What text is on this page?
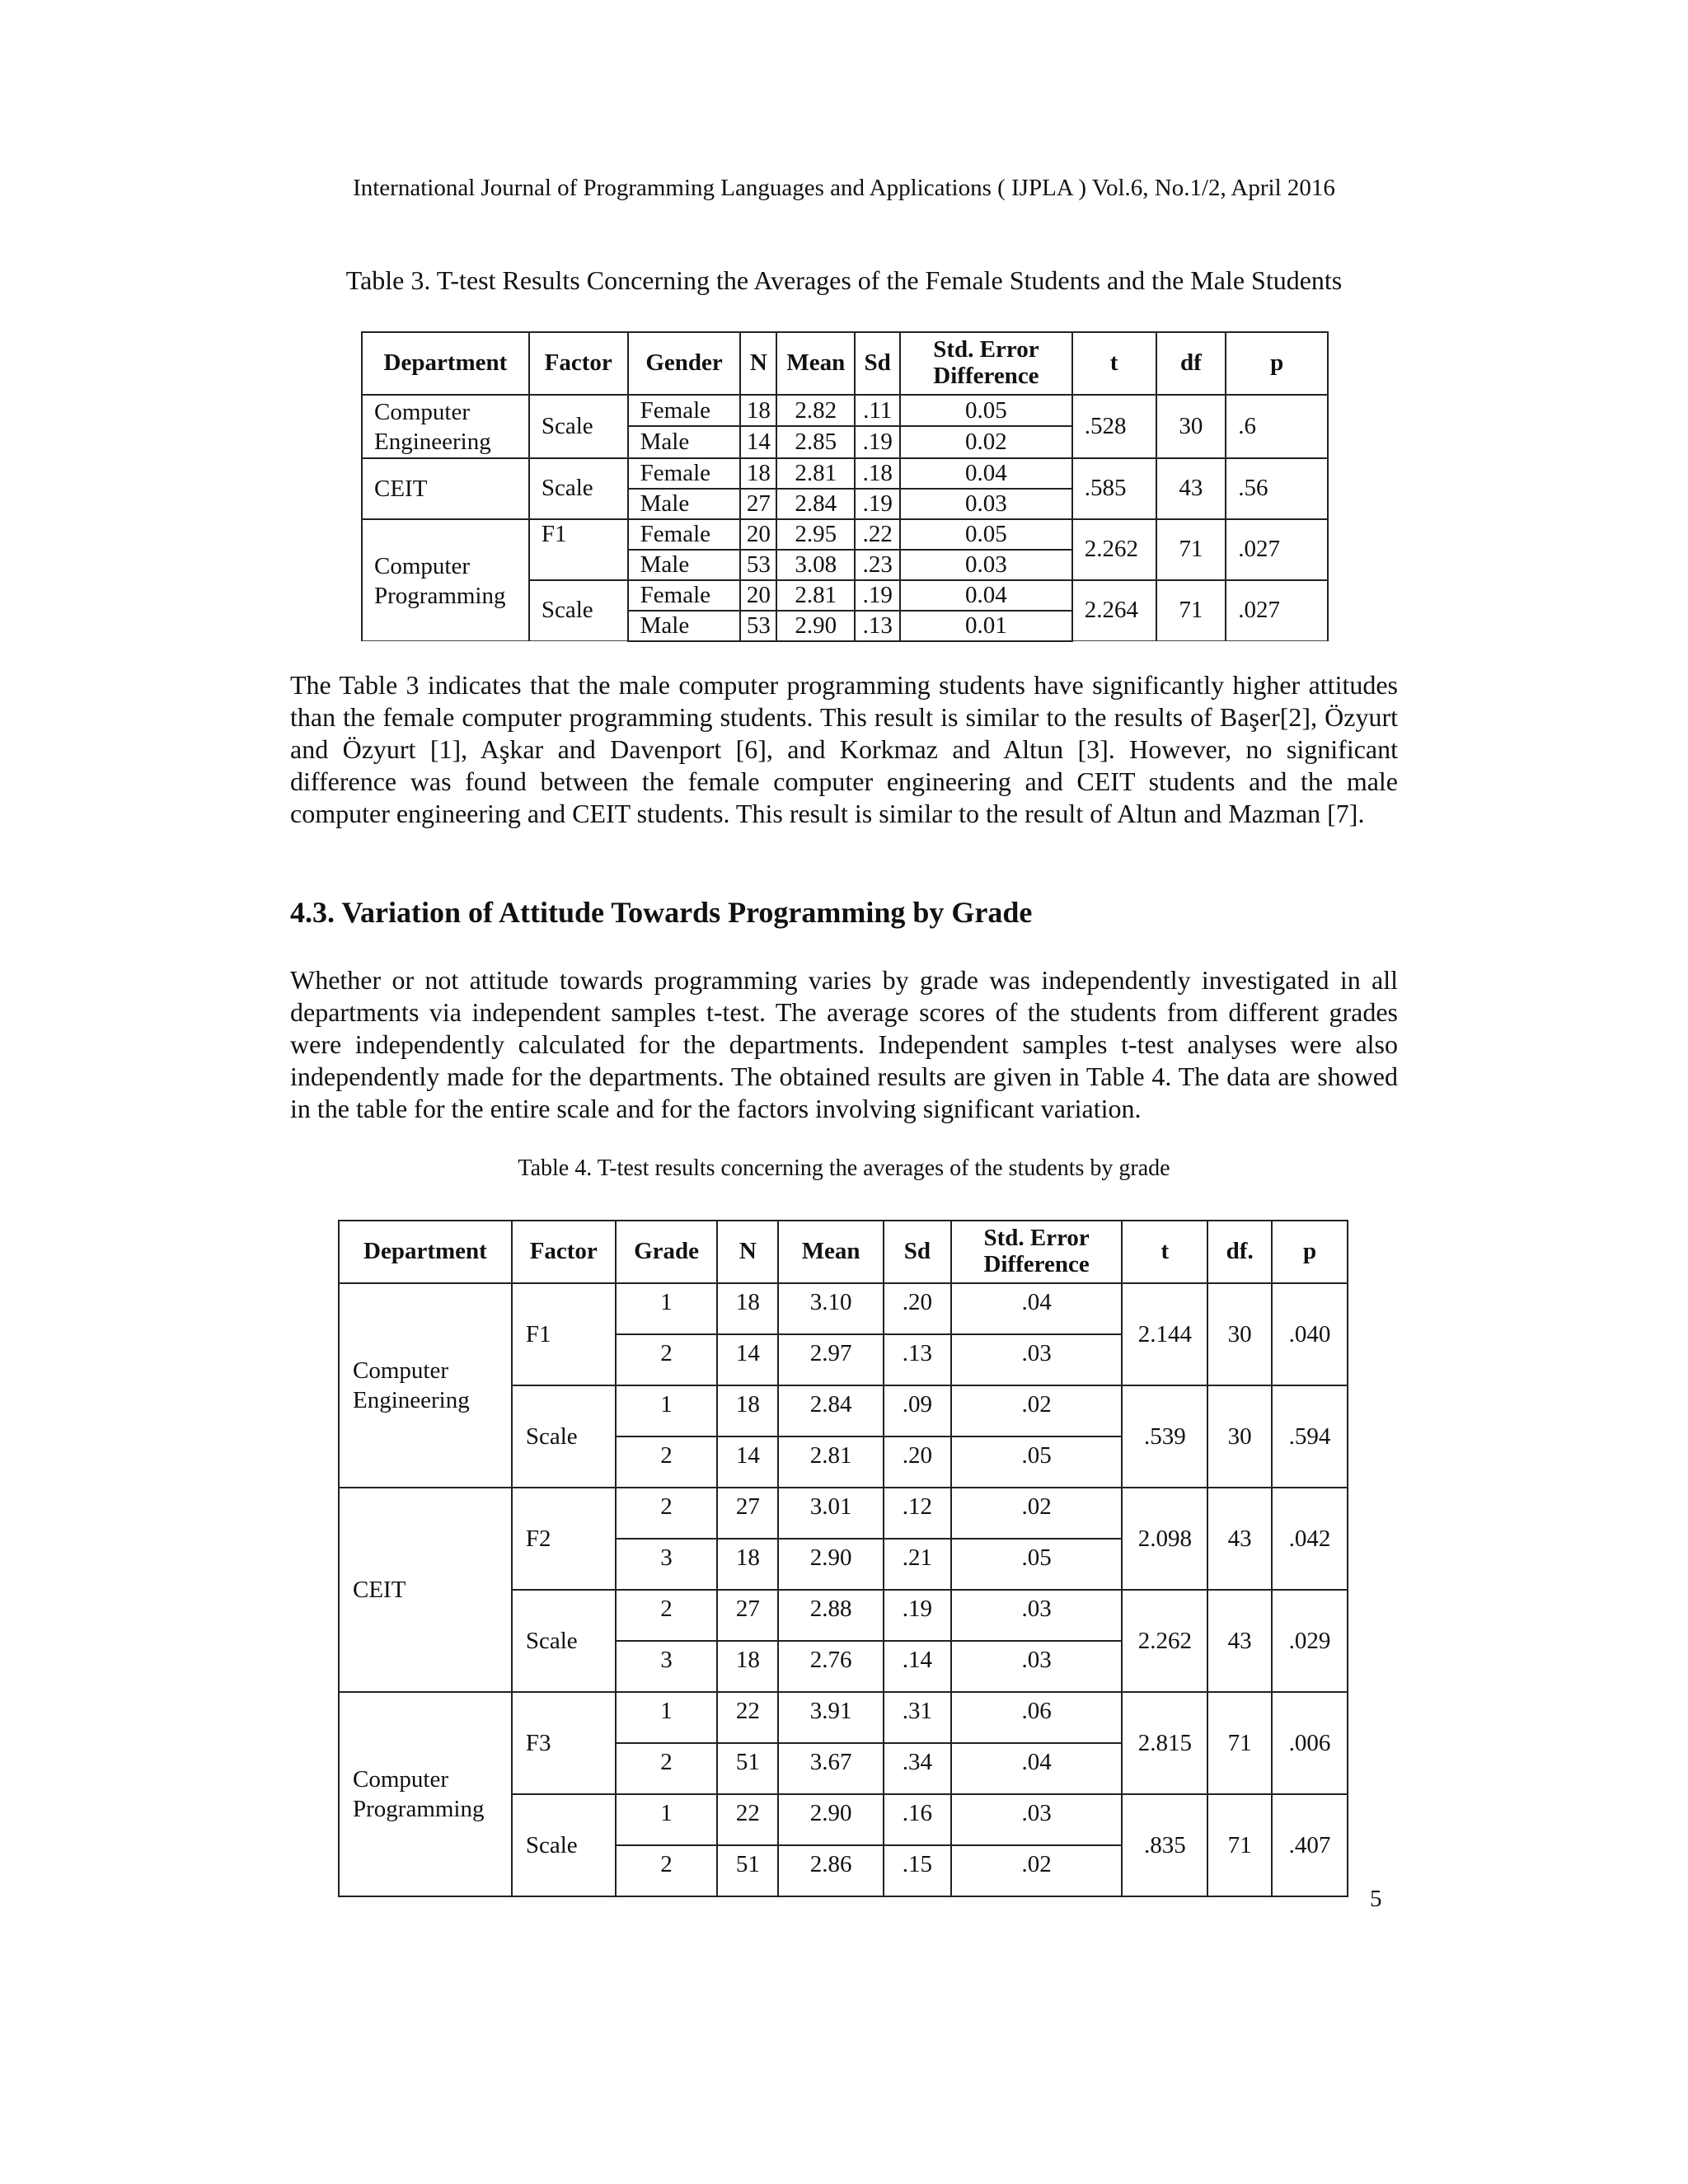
International Journal of Programming Languages and Applications ( IJPLA ) Vol.6, No.1/2, April 2016
Table 3. T-test Results Concerning the Averages of the Female Students and the Male Students
Department	Factor	Gender	N	Mean	Sd	Std. Error
Difference	t	df	p
Computer Engineering	Scale	Female	18	2.82	.11	0.05	.528	30	.6
		Male	14	2.85	.19	0.02			
CEIT	Scale	Female	18	2.81	.18	0.04	.585	43	.56
		Male	27	2.84	.19	0.03			
Computer Programming	F1	Female	20	2.95	.22	0.05	2.262	71	.027
		Male	53	3.08	.23	0.03			
	Scale	Female	20	2.81	.19	0.04	2.264	71	.027
		Male	53	2.90	.13	0.01			
The Table 3 indicates that the male computer programming students have significantly higher attitudes than the female computer programming students. This result is similar to the results of Başer[2], Özyurt and Özyurt [1], Aşkar and Davenport [6], and Korkmaz and Altun [3]. However, no significant difference was found between the female computer engineering and CEIT students and the male computer engineering and CEIT students. This result is similar to the result of Altun and Mazman [7].
4.3. Variation of Attitude Towards Programming by Grade
Whether or not attitude towards programming varies by grade was independently investigated in all departments via independent samples t-test. The average scores of the students from different grades were independently calculated for the departments. Independent samples t-test analyses were also independently made for the departments. The obtained results are given in Table 4. The data are showed in the table for the entire scale and for the factors involving significant variation.
Table 4. T-test results concerning the averages of the students by grade
Department	Factor	Grade	N	Mean	Sd	Std. Error
Difference	t	df.	p
Computer Engineering	F1	1	18	3.10	.20	.04	2.144	30	.040
		2	14	2.97	.13	.03			
	Scale	1	18	2.84	.09	.02	.539	30	.594
		2	14	2.81	.20	.05			
CEIT	F2	2	27	3.01	.12	.02	2.098	43	.042
		3	18	2.90	.21	.05			
	Scale	2	27	2.88	.19	.03	2.262	43	.029
		3	18	2.76	.14	.03			
Computer Programming	F3	1	22	3.91	.31	.06	2.815	71	.006
		2	51	3.67	.34	.04			
	Scale	1	22	2.90	.16	.03	.835	71	.407
		2	51	2.86	.15	.02			
5
